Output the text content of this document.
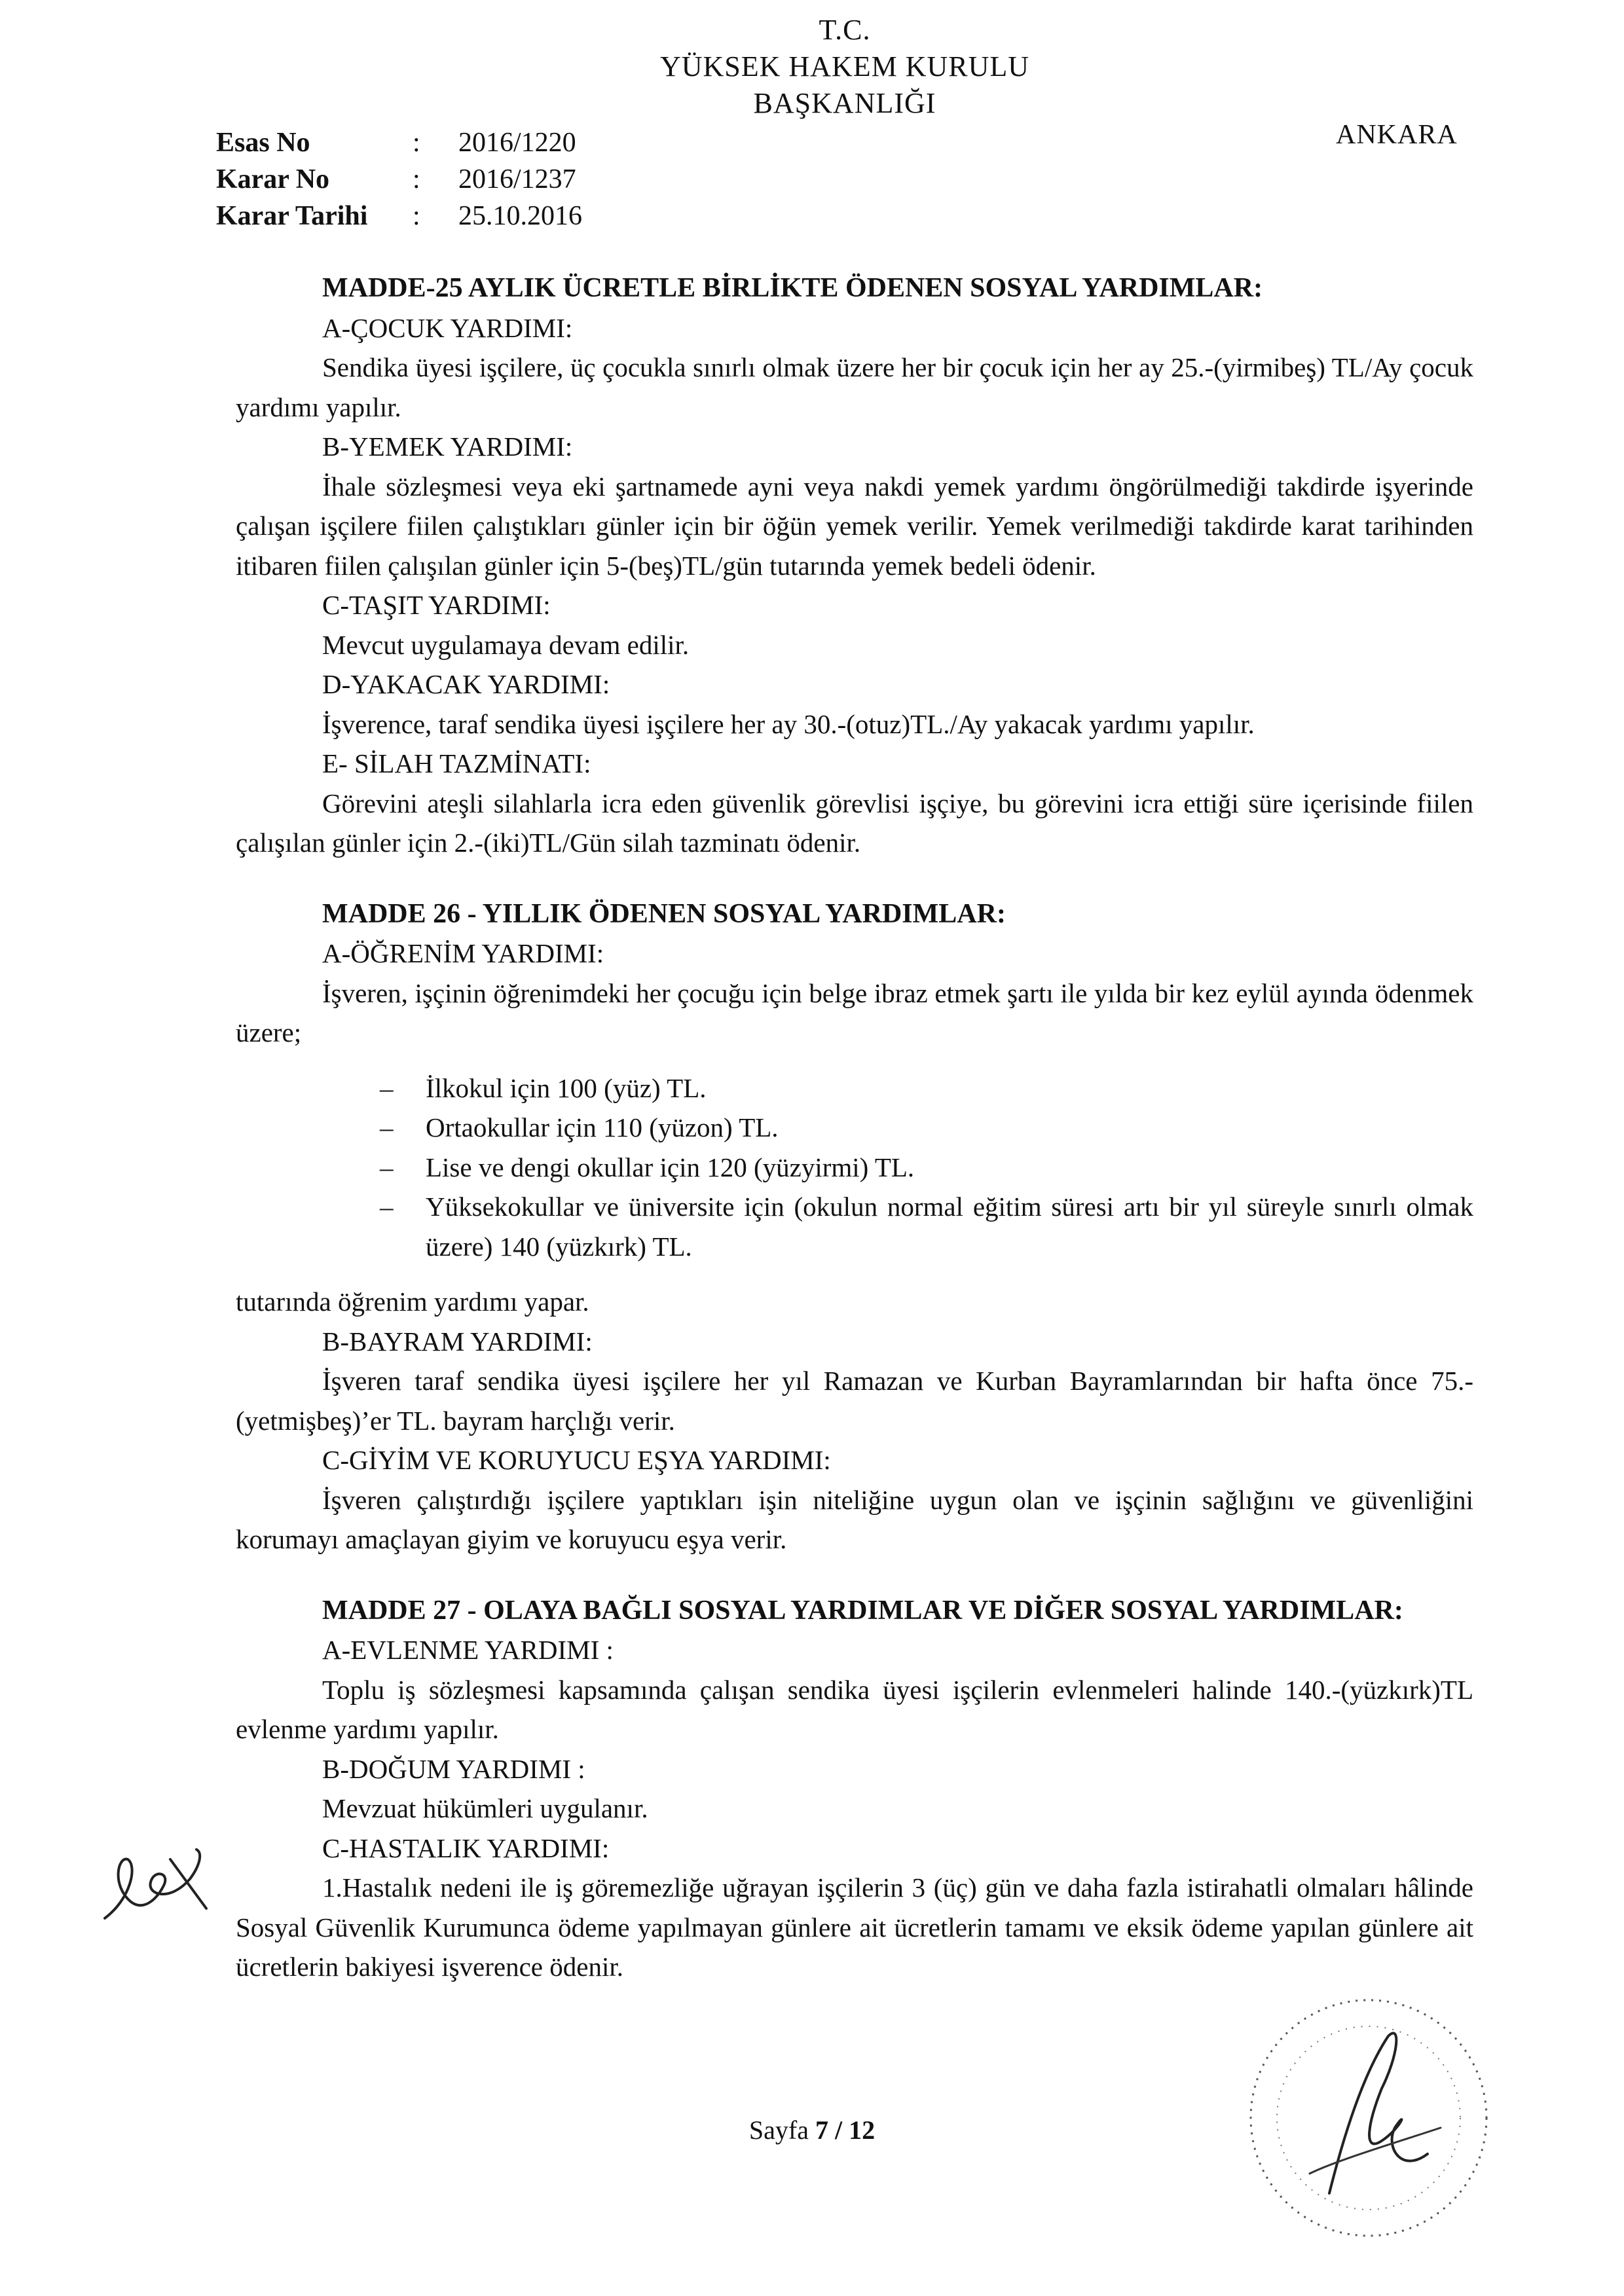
T.C.
YÜKSEK HAKEM KURULU
BAŞKANLIĞI
ANKARA
Esas No	: 2016/1220
Karar No	: 2016/1237
Karar Tarihi : 25.10.2016

MADDE-25 AYLIK ÜCRETLE BİRLİKTE ÖDENEN SOSYAL YARDIMLAR:

A-ÇOCUK YARDIMI:

Sendika üyesi işçilere, üç çocukla sınırlı olmak üzere her bir çocuk için her ay 25.-(yirmibeş) TL/Ay çocuk yardımı yapılır.

B-YEMEK YARDIMI:

İhale sözleşmesi veya eki şartnamede ayni veya nakdi yemek yardımı öngörülmediği takdirde işyerinde çalışan işçilere fiilen çalıştıkları günler için bir öğün yemek verilir. Yemek verilmediği takdirde karat tarihinden itibaren fiilen çalışılan günler için 5-(beş)TL/gün tutarında yemek bedeli ödenir.

C-TAŞIT YARDIMI:

Mevcut uygulamaya devam edilir.

D-YAKACAK YARDIMI:

İşverence, taraf sendika üyesi işçilere her ay 30.-(otuz)TL./Ay yakacak yardımı yapılır.

E- SİLAH TAZMİNATI:

Görevini ateşli silahlarla icra eden güvenlik görevlisi işçiye, bu görevini icra ettiği süre içerisinde fiilen çalışılan günler için 2.-(iki)TL/Gün silah tazminatı ödenir.

MADDE 26 - YILLIK ÖDENEN SOSYAL YARDIMLAR:

A-ÖĞRENİM YARDIMI:

İşveren, işçinin öğrenimdeki her çocuğu için belge ibraz etmek şartı ile yılda bir kez eylül ayında ödenmek üzere;

– İlkokul için 100 (yüz) TL.
– Ortaokullar için 110 (yüzon) TL.
– Lise ve dengi okullar için 120 (yüzyirmi) TL.
– Yüksekokullar ve üniversite için (okulun normal eğitim süresi artı bir yıl süreyle sınırlı olmak üzere) 140 (yüzkırk) TL.

tutarında öğrenim yardımı yapar.

B-BAYRAM YARDIMI:

İşveren taraf sendika üyesi işçilere her yıl Ramazan ve Kurban Bayramlarından bir hafta önce 75.-(yetmişbeş)’er TL. bayram harçlığı verir.

C-GİYİM VE KORUYUCU EŞYA YARDIMI:

İşveren çalıştırdığı işçilere yaptıkları işin niteliğine uygun olan ve işçinin sağlığını ve güvenliğini korumayı amaçlayan giyim ve koruyucu eşya verir.

MADDE 27 - OLAYA BAĞLI SOSYAL YARDIMLAR VE DİĞER SOSYAL YARDIMLAR:

A-EVLENME YARDIMI :

Toplu iş sözleşmesi kapsamında çalışan sendika üyesi işçilerin evlenmeleri halinde 140.-(yüzkırk)TL evlenme yardımı yapılır.

B-DOĞUM YARDIMI :

Mevzuat hükümleri uygulanır.

C-HASTALIK YARDIMI:

1.Hastalık nedeni ile iş göremezliğe uğrayan işçilerin 3 (üç) gün ve daha fazla istirahatli olmaları hâlinde Sosyal Güvenlik Kurumunca ödeme yapılmayan günlere ait ücretlerin tamamı ve eksik ödeme yapılan günlere ait ücretlerin bakiyesi işverence ödenir.

Sayfa 7 / 12
